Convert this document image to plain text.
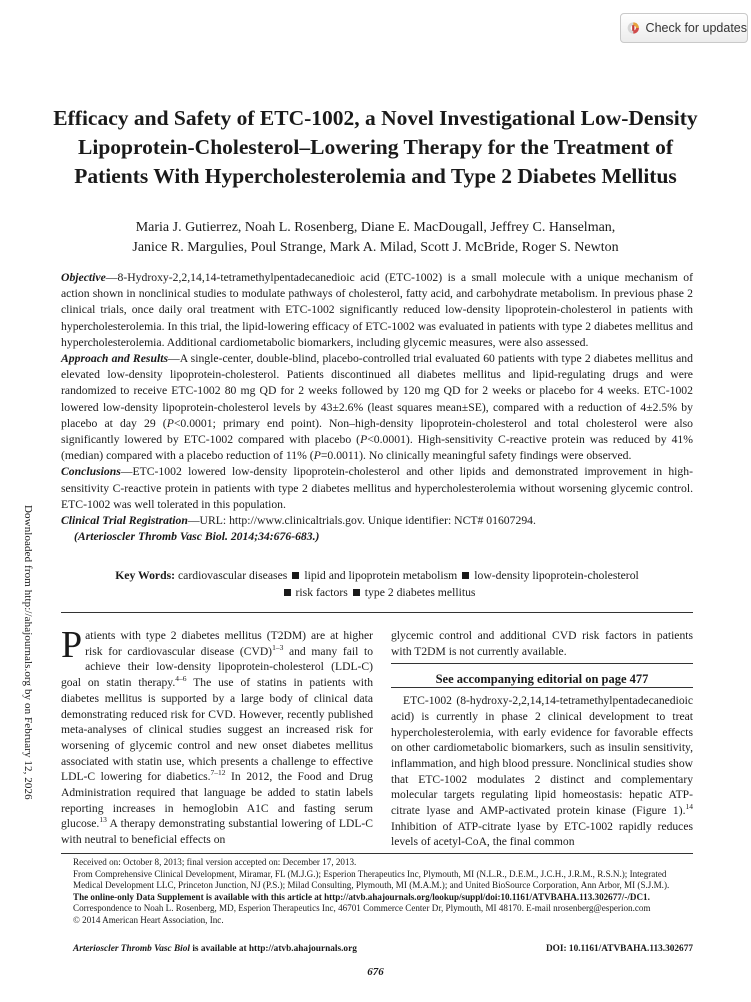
Check for updates
Efficacy and Safety of ETC-1002, a Novel Investigational Low-Density Lipoprotein-Cholesterol–Lowering Therapy for the Treatment of Patients With Hypercholesterolemia and Type 2 Diabetes Mellitus
Maria J. Gutierrez, Noah L. Rosenberg, Diane E. MacDougall, Jeffrey C. Hanselman,
Janice R. Margulies, Poul Strange, Mark A. Milad, Scott J. McBride, Roger S. Newton

Objective—8-Hydroxy-2,2,14,14-tetramethylpentadecanedioic acid (ETC-1002) is a small molecule with a unique mechanism of action shown in nonclinical studies to modulate pathways of cholesterol, fatty acid, and carbohydrate metabolism. In previous phase 2 clinical trials, once daily oral treatment with ETC-1002 significantly reduced low-density lipoprotein-cholesterol in patients with hypercholesterolemia. In this trial, the lipid-lowering efficacy of ETC-1002 was evaluated in patients with type 2 diabetes mellitus and hypercholesterolemia. Additional cardiometabolic biomarkers, including glycemic measures, were also assessed.

Approach and Results—A single-center, double-blind, placebo-controlled trial evaluated 60 patients with type 2 diabetes mellitus and elevated low-density lipoprotein-cholesterol. Patients discontinued all diabetes mellitus and lipid-regulating drugs and were randomized to receive ETC-1002 80 mg QD for 2 weeks followed by 120 mg QD for 2 weeks or placebo for 4 weeks. ETC-1002 lowered low-density lipoprotein-cholesterol levels by 43±2.6% (least squares mean±SE), compared with a reduction of 4±2.5% by placebo at day 29 (P<0.0001; primary end point). Non–high-density lipoprotein-cholesterol and total cholesterol were also significantly lowered by ETC-1002 compared with placebo (P<0.0001). High-sensitivity C-reactive protein was reduced by 41% (median) compared with a placebo reduction of 11% (P=0.0011). No clinically meaningful safety findings were observed.

Conclusions—ETC-1002 lowered low-density lipoprotein-cholesterol and other lipids and demonstrated improvement in high-sensitivity C-reactive protein in patients with type 2 diabetes mellitus and hypercholesterolemia without worsening glycemic control. ETC-1002 was well tolerated in this population.

Clinical Trial Registration—URL: http://www.clinicaltrials.gov. Unique identifier: NCT# 01607294.

(Arterioscler Thromb Vasc Biol. 2014;34:676-683.)

Key Words: cardiovascular diseases lipid and lipoprotein metabolism low-density lipoprotein-cholesterol
risk factors type 2 diabetes mellitus
Downloaded from http://ahajournals.org by on February 12, 2026 Patients with type 2 diabetes mellitus (T2DM) are at higher risk for cardiovascular disease (CVD)$^{1-3}$ and many fail to achieve their low-density lipoprotein-cholesterol (LDL-C) goal on statin therapy.$^{4-6}$ The use of statins in patients with diabetes mellitus is supported by a large body of clinical data demonstrating reduced risk for CVD. However, recently published meta-analyses of clinical studies suggest an increased risk for worsening of glycemic control and new onset diabetes mellitus associated with statin use, which presents a challenge to effective LDL-C lowering for diabetics.$^{7-12}$ In 2012, the Food and Drug Administration required that language be added to statin labels reporting increases in hemoglobin A1C and fasting serum glucose.$^{13}$ A therapy demonstrating substantial lowering of LDL-C with neutral to beneficial effects on

glycemic control and additional CVD risk factors in patients with T2DM is not currently available.

See accompanying editorial on page 477

ETC-1002 (8-hydroxy-2,2,14,14-tetramethylpentadecanedioic acid) is currently in phase 2 clinical development to treat hypercholesterolemia, with early evidence for favorable effects on other cardiometabolic biomarkers, such as insulin sensitivity, inflammation, and high blood pressure. Nonclinical studies show that ETC-1002 modulates 2 distinct and complementary molecular targets regulating lipid homeostasis: hepatic ATP-citrate lyase and AMP-activated protein kinase (Figure 1).$^{14}$ Inhibition of ATP-citrate lyase by ETC-1002 rapidly reduces levels of acetyl-CoA, the final common

Received on: October 8, 2013; final version accepted on: December 17, 2013.

From Comprehensive Clinical Development, Miramar, FL (M.J.G.); Esperion Therapeutics Inc, Plymouth, MI (N.L.R., D.E.M., J.C.H., J.R.M., R.S.N.); Integrated Medical Development LLC, Princeton Junction, NJ (P.S.); Milad Consulting, Plymouth, MI (M.A.M.); and United BioSource Corporation, Ann Arbor, MI (S.J.M.).

The online-only Data Supplement is available with this article at http://atvb.ahajournals.org/lookup/suppl/doi:10.1161/ATVBAHA.113.302677/-/DC1.

Correspondence to Noah L. Rosenberg, MD, Esperion Therapeutics Inc, 46701 Commerce Center Dr, Plymouth, MI 48170. E-mail nrosenberg@esperion.com

© 2014 American Heart Association, Inc.

Arterioscler Thromb Vasc Biol is available at http://atvb.ahajournals.org	DOI: 10.1161/ATVBAHA.113.302677
676
